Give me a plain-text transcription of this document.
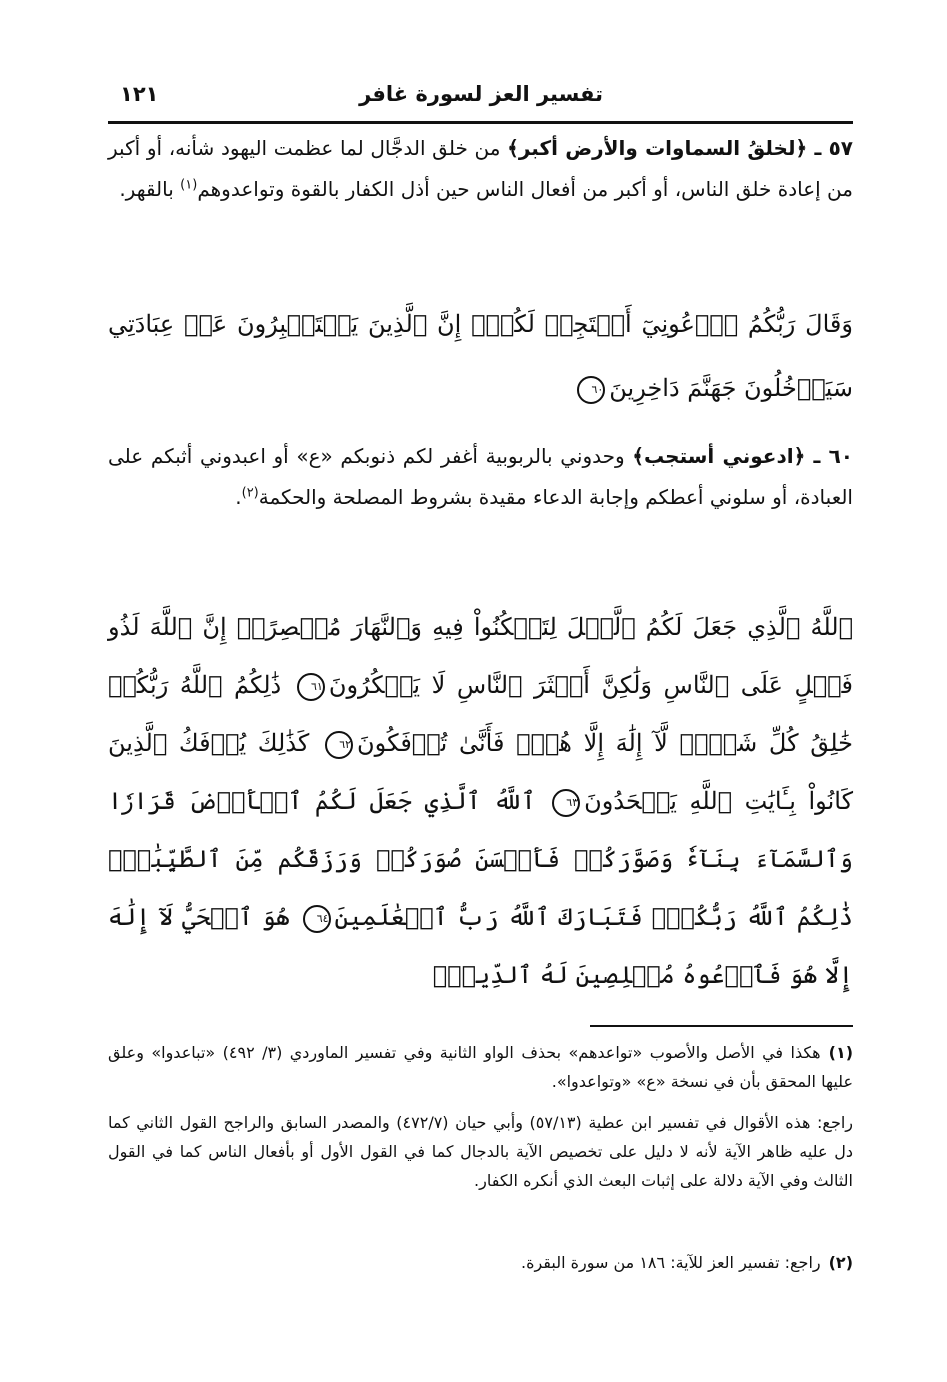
تفسير العز لسورة غافر
١٢١

٥٧ ـ ﴿لخلقُ السماوات والأرض أكبر﴾ من خلق الدجَّال لما عظمت اليهود شأنه، أو أكبر من إعادة خلق الناس، أو أكبر من أفعال الناس حين أذل الكفار بالقوة وتواعدوهم$^{(١)}$ بالقهر.

وَقَالَ رَبُّكُمُ ٱدۡعُونِيٓ أَسۡتَجِبۡ لَكُمۡۚ إِنَّ ٱلَّذِينَ يَسۡتَكۡبِرُونَ عَنۡ عِبَادَتِي سَيَدۡخُلُونَ جَهَنَّمَ دَاخِرِينَ٦٠

٦٠ ـ ﴿ادعوني أستجب﴾ وحدوني بالربوبية أغفر لكم ذنوبكم «ع» أو اعبدوني أثبكم على العبادة، أو سلوني أعطكم وإجابة الدعاء مقيدة بشروط المصلحة والحكمة$^{(٢)}$.

ٱللَّهُ ٱلَّذِي جَعَلَ لَكُمُ ٱلَّيۡلَ لِتَسۡكُنُواْ فِيهِ وَٱلنَّهَارَ مُبۡصِرًاۚ إِنَّ ٱللَّهَ لَذُو فَضۡلٍ عَلَى ٱلنَّاسِ وَلَٰكِنَّ أَكۡثَرَ ٱلنَّاسِ لَا يَشۡكُرُونَ٦١ ذَٰلِكُمُ ٱللَّهُ رَبُّكُمۡ خَٰلِقُ كُلِّ شَيۡءٖ لَّآ إِلَٰهَ إِلَّا هُوَۖ فَأَنَّىٰ تُؤۡفَكُونَ٦٢ كَذَٰلِكَ يُؤۡفَكُ ٱلَّذِينَ كَانُواْ بِـَٔايَٰتِ ٱللَّهِ يَجۡحَدُونَ٦٣ ٱللَّهُ ٱلَّذِي جَعَلَ لَكُمُ ٱلۡأَرۡضَ قَرَارٗا وَٱلسَّمَآءَ بِنَآءٗ وَصَوَّرَكُمۡ فَأَحۡسَنَ صُوَرَكُمۡ وَرَزَقَكُم مِّنَ ٱلطَّيِّبَٰتِۚ ذَٰلِكُمُ ٱللَّهُ رَبُّكُمۡۖ فَتَبَارَكَ ٱللَّهُ رَبُّ ٱلۡعَٰلَمِينَ٦٤ هُوَ ٱلۡحَيُّ لَآ إِلَٰهَ إِلَّا هُوَ فَٱدۡعُوهُ مُخۡلِصِينَ لَهُ ٱلدِّينَۗ

(١)هكذا في الأصل والأصوب «تواعدهم» بحذف الواو الثانية وفي تفسير الماوردي (٣/ ٤٩٢) «تباعدوا» وعلق عليها المحقق بأن في نسخة «ع» «وتواعدوا».

راجع: هذه الأقوال في تفسير ابن عطية (٥٧/١٣) وأبي حيان (٤٧٢/٧) والمصدر السابق والراجح القول الثاني كما دل عليه ظاهر الآية لأنه لا دليل على تخصيص الآية بالدجال كما في القول الأول أو بأفعال الناس كما في القول الثالث وفي الآية دلالة على إثبات البعث الذي أنكره الكفار.

(٢)راجع: تفسير العز للآية: ١٨٦ من سورة البقرة.
